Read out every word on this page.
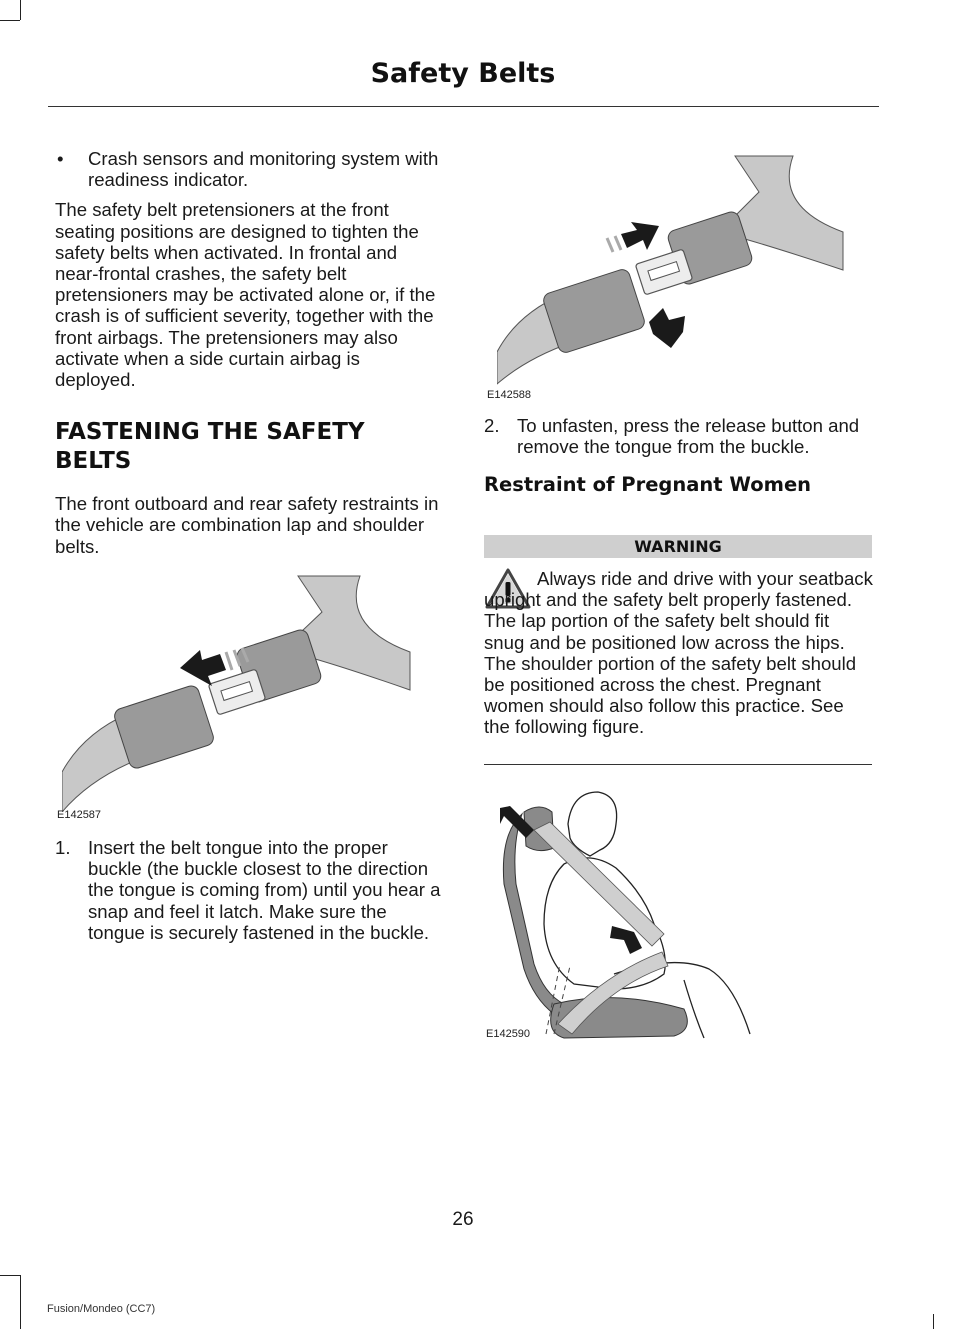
Safety Belts
•	Crash sensors and monitoring system with readiness indicator.

The safety belt pretensioners at the front seating positions are designed to tighten the safety belts when activated. In frontal and near-frontal crashes, the safety belt pretensioners may be activated alone or, if the crash is of sufficient severity, together with the front airbags. The pretensioners may also activate when a side curtain airbag is deployed.

FASTENING THE SAFETY BELTS

The front outboard and rear safety restraints in the vehicle are combination lap and shoulder belts.

E142587
1. Insert the belt tongue into the proper buckle (the buckle closest to the direction the tongue is coming from) until you hear a snap and feel it latch. Make sure the tongue is securely fastened in the buckle.
E142588
2. To unfasten, press the release button and remove the tongue from the buckle.
Restraint of Pregnant Women
WARNING

Always ride and drive with your seatback upright and the safety belt properly fastened. The lap portion of the safety belt should fit snug and be positioned low across the hips. The shoulder portion of the safety belt should be positioned across the chest. Pregnant women should also follow this practice. See the following figure.

E142590
26
Fusion/Mondeo (CC7)
